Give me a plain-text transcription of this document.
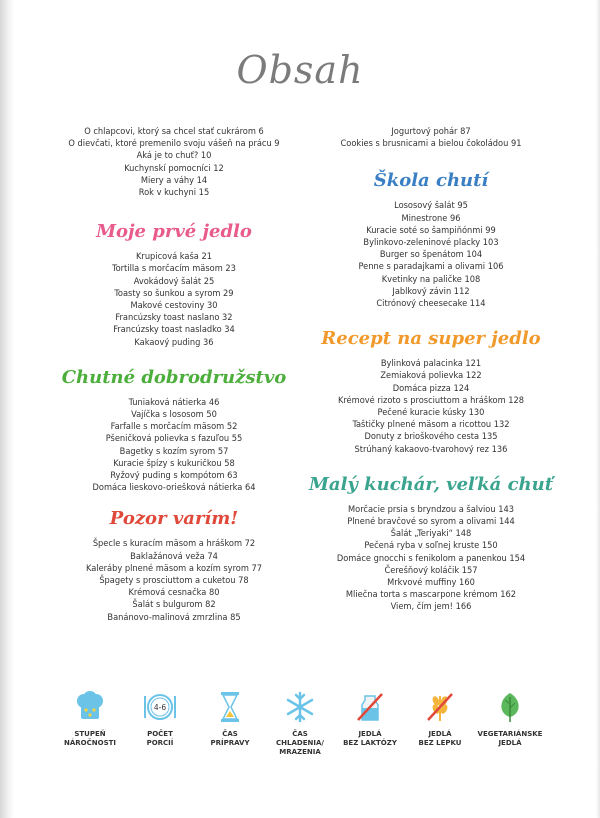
Obsah
O chlapcovi, ktorý sa chcel stať cukrárom 6
O dievčati, ktoré premenilo svoju vášeň na prácu 9
Aká je to chuť? 10
Kuchynskí pomocníci 12
Miery a váhy 14
Rok v kuchyni 15
Moje prvé jedlo
Krupicová kaša 21
Tortilla s morčacím mäsom 23
Avokádový šalát 25
Toasty so šunkou a syrom 29
Makové cestoviny 30
Francúzsky toast naslano 32
Francúzsky toast nasladko 34
Kakaový puding 36
Chutné dobrodružstvo
Tuniaková nátierka 46
Vajíčka s lososom 50
Farfalle s morčacím mäsom 52
Pšeničková polievka s fazuľou 55
Bagetky s kozím syrom 57
Kuracie špízy s kukuričkou 58
Ryžový puding s kompótom 63
Domáca lieskovo-oriešková nátierka 64
Pozor varím!
Špecle s kuracím mäsom a hráškom 72
Baklažánová veža 74
Kaleráby plnené mäsom a kozím syrom 77
Špagety s prosciuttom a cuketou 78
Krémová cesnačka 80
Šalát s bulgurom 82
Banánovo-malinová zmrzlina 85
Jogurtový pohár 87
Cookies s brusnicami a bielou čokoládou 91
Škola chutí
Lososový šalát 95
Minestrone 96
Kuracie soté so šampiňónmi 99
Bylinkovo-zeleninové placky 103
Burger so špenátom 104
Penne s paradajkami a olivami 106
Kvetinky na paličke 108
Jablkový závin 112
Citrónový cheesecake 114
Recept na super jedlo
Bylinková palacinka 121
Zemiaková polievka 122
Domáca pizza 124
Krémové rizoto s prosciuttom a hráškom 128
Pečené kuracie kúsky 130
Taštičky plnené mäsom a ricottou 132
Donuty z brioškového cesta 135
Strúhaný kakaovo-tvarohový rez 136
Malý kuchár, veľká chuť
Morčacie prsia s bryndzou a šalviou 143
Plnené bravčové so syrom a olivami 144
Šalát „Teriyaki“ 148
Pečená ryba v soľnej kruste 150
Domáce gnocchi s fenikolom a panenkou 154
Čerešňový koláčik 157
Mrkvové muffiny 160
Mliečna torta s mascarpone krémom 162
Viem, čím jem! 166
STUPEŇ
NÁROČNOSTI
4-6
POČET
PORCIÍ
ČAS
PRÍPRAVY
ČAS CHLADENIA/
MRAZENIA
JEDLÁ
BEZ LAKTÓZY
JEDLÁ
BEZ LEPKU
VEGETARIÁNSKE
JEDLÁ
